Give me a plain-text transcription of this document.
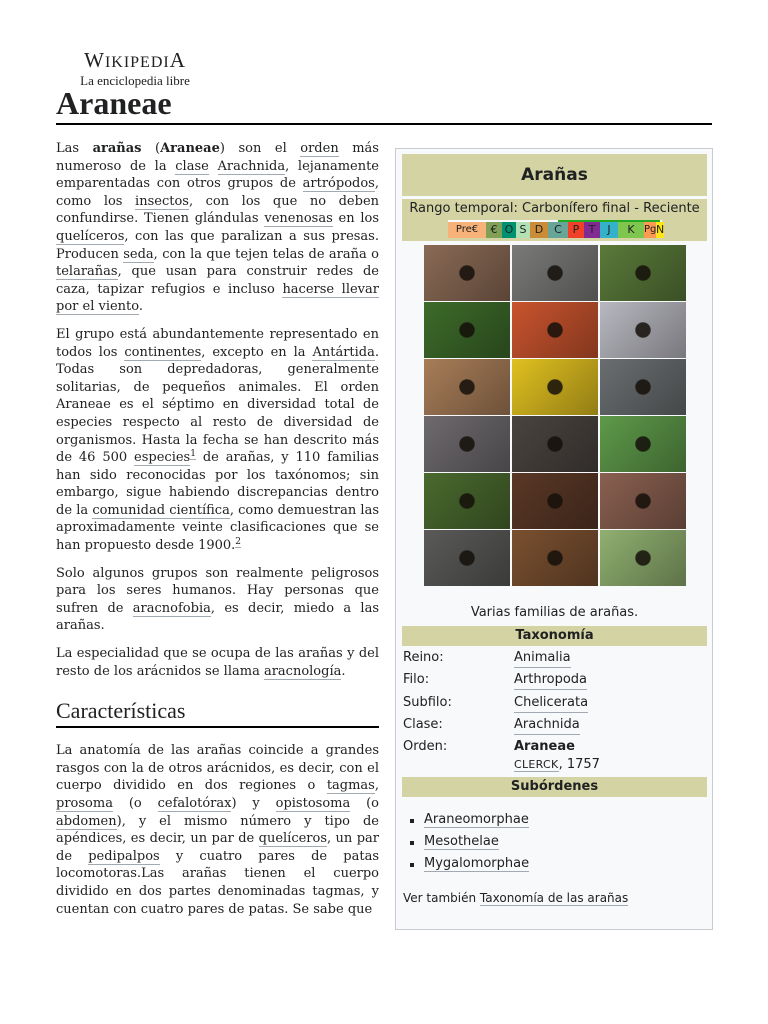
WIKIPEDIA
La enciclopedia libre
Araneae

Las arañas (Araneae) son el orden más numeroso de la clase Arachnida, lejanamente emparentadas con otros grupos de artrópodos, como los insectos, con los que no deben confundirse. Tienen glándulas venenosas en los quelíceros, con las que paralizan a sus presas. Producen seda, con la que tejen telas de araña o telarañas, que usan para construir redes de caza, tapizar refugios e incluso hacerse llevar por el viento.

El grupo está abundantemente representado en todos los continentes, excepto en la Antártida. Todas son depredadoras, generalmente solitarias, de pequeños animales. El orden Araneae es el séptimo en diversidad total de especies respecto al resto de diversidad de organismos. Hasta la fecha se han descrito más de 46 500 especies$^1$ de arañas, y 110 familias han sido reconocidas por los taxónomos; sin embargo, sigue habiendo discrepancias dentro de la comunidad científica, como demuestran las aproximadamente veinte clasificaciones que se han propuesto desde 1900.$^2$

Solo algunos grupos son realmente peligrosos para los seres humanos. Hay personas que sufren de aracnofobia, es decir, miedo a las arañas.

La especialidad que se ocupa de las arañas y del resto de los arácnidos se llama aracnología.

Características

La anatomía de las arañas coincide a grandes rasgos con la de otros arácnidos, es decir, con el cuerpo dividido en dos regiones o tagmas, prosoma (o cefalotórax) y opistosoma (o abdomen), y el mismo número y tipo de apéndices, es decir, un par de quelíceros, un par de pedipalpos y cuatro pares de patas locomotoras.Las arañas tienen el cuerpo dividido en dos partes denominadas tagmas, y cuentan con cuatro pares de patas. Se sabe que

Arañas
Rango temporal: Carbonífero final - Reciente
Pre€	€ O S D C P T	J	K Pg N
Varias familias de arañas.
Taxonomía
Reino:	Animalia
Filo:	Arthropoda
Subfilo:	Chelicerata
Clase:	Arachnida
Orden:	Araneae
CLERCK, 1757
Subórdenes
Araneomorphae
Mesothelae
Mygalomorphae
Ver también Taxonomía de las arañas
